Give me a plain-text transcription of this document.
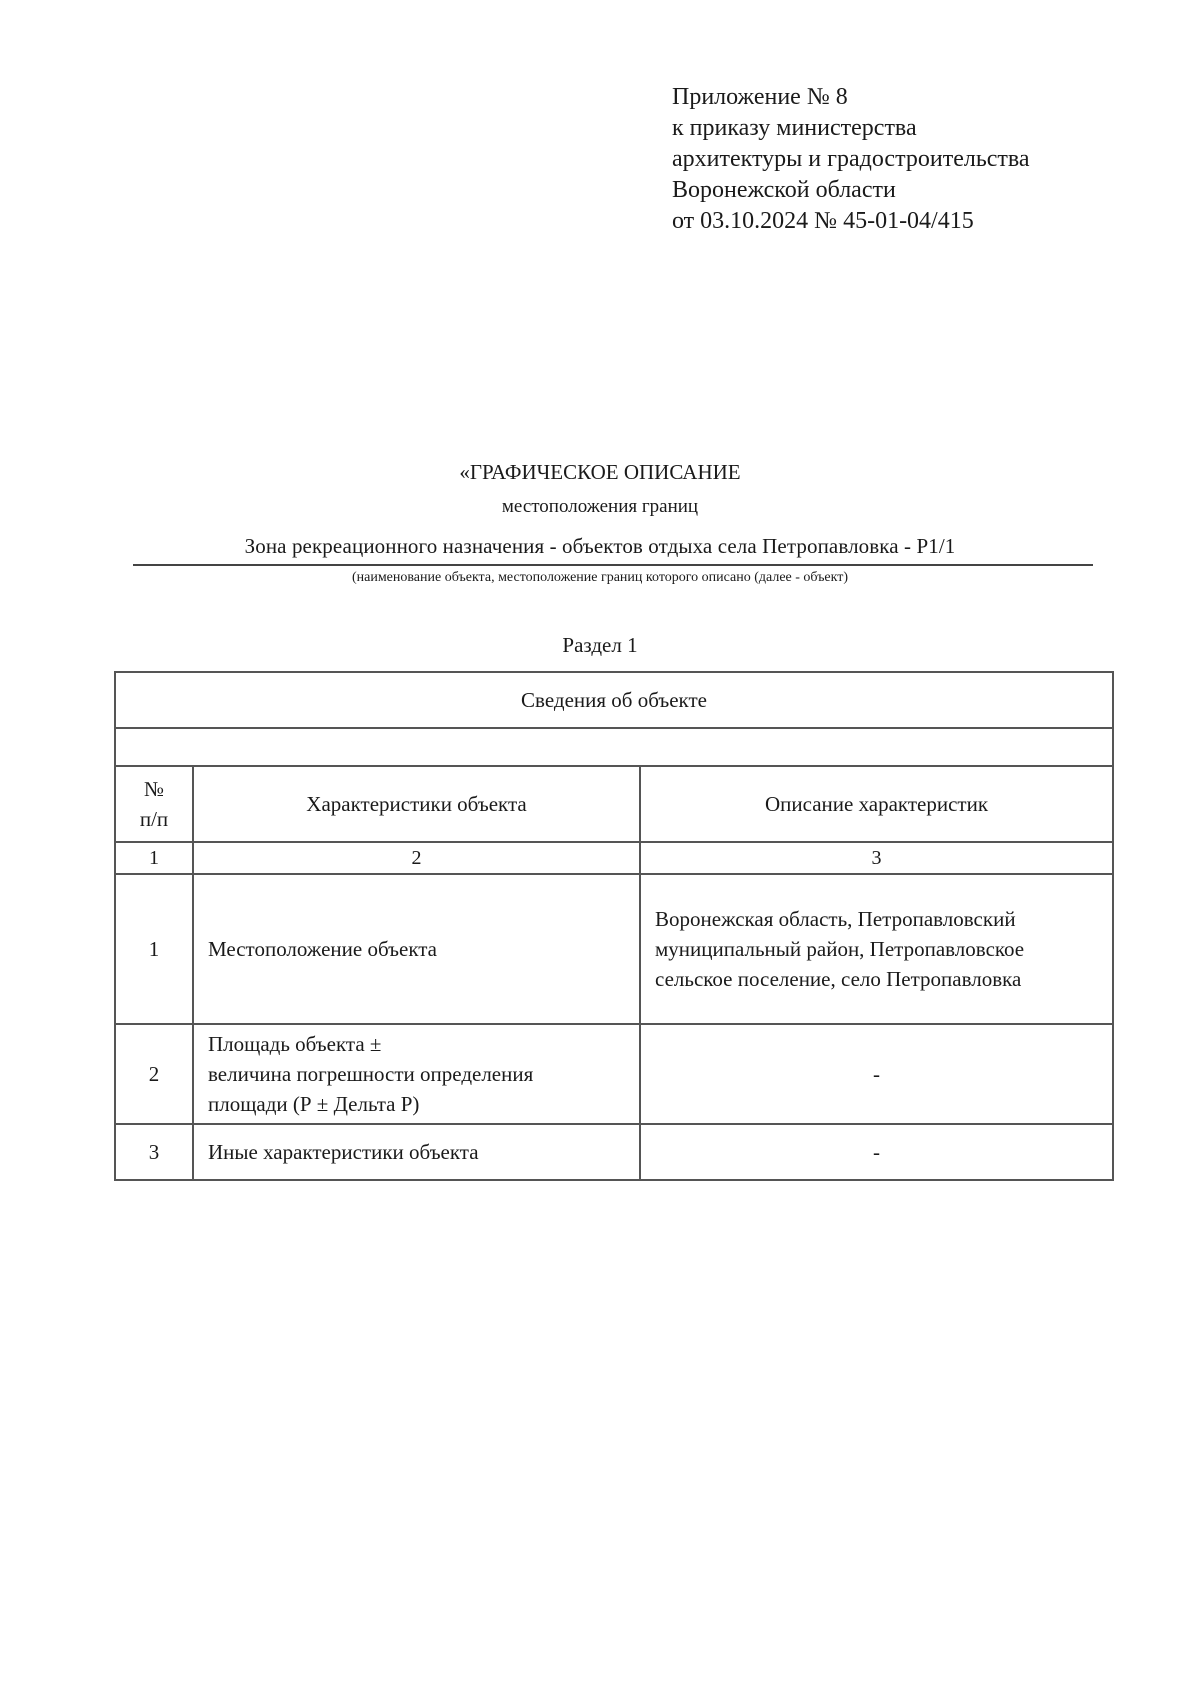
Приложение № 8
к приказу министерства
архитектуры и градостроительства
Воронежской области
от 03.10.2024 № 45-01-04/415
«ГРАФИЧЕСКОЕ ОПИСАНИЕ
местоположения границ
Зона рекреационного назначения - объектов отдыха села Петропавловка - Р1/1
(наименование объекта, местоположение границ которого описано (далее - объект)
Раздел 1
Сведения об объекте		

№
п/п	Характеристики объекта	Описание характеристик
1	2	3
1	Местоположение объекта	Воронежская область, Петропавловский
муниципальный район, Петропавловское
сельское поселение, село Петропавловка

2	Площадь объекта ±
величина погрешности определения
площади (Р ± Дельта Р)	-

3	Иные характеристики объекта	-
